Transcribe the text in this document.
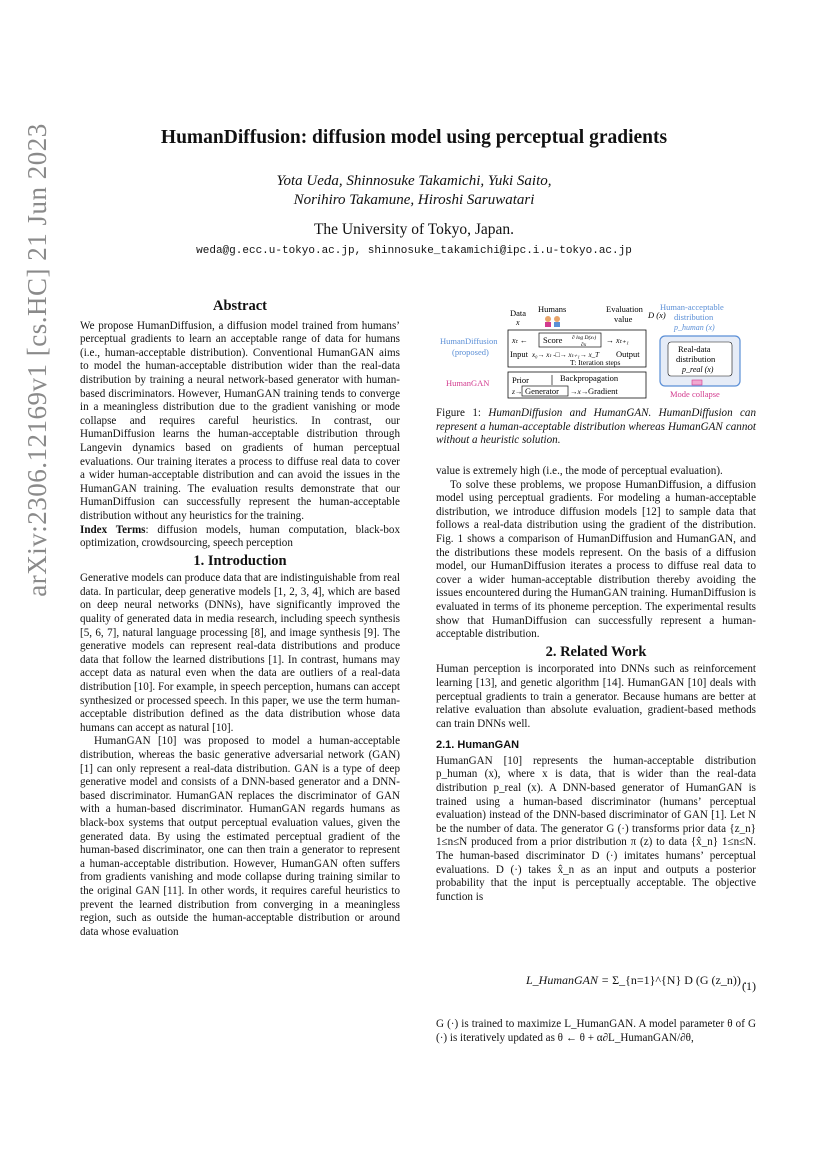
arXiv:2306.12169v1 [cs.HC] 21 Jun 2023	HumanDiffusion: diffusion model using perceptual gradients
Yota Ueda, Shinnosuke Takamichi, Yuki Saito,
Norihiro Takamune, Hiroshi Saruwatari
The University of Tokyo, Japan.
weda@g.ecc.u-tokyo.ac.jp, shinnosuke_takamichi@ipc.i.u-tokyo.ac.jp
Abstract

We propose HumanDiffusion, a diffusion model trained from humans’ perceptual gradients to learn an acceptable range of data for humans (i.e., human-acceptable distribution). Conventional HumanGAN aims to model the human-acceptable distribution wider than the real-data distribution by training a neural network-based generator with human-based discriminators. However, HumanGAN training tends to converge in a meaningless distribution due to the gradient vanishing or mode collapse and requires careful heuristics. In contrast, our HumanDiffusion learns the human-acceptable distribution through Langevin dynamics based on gradients of human perceptual evaluations. Our training iterates a process to diffuse real data to cover a wider human-acceptable distribution and can avoid the issues in the HumanGAN training. The evaluation results demonstrate that our HumanDiffusion can successfully represent the human-acceptable distribution without any heuristics for the training.

Index Terms: diffusion models, human computation, black-box optimization, crowdsourcing, speech perception

1. Introduction

Generative models can produce data that are indistinguishable from real data. In particular, deep generative models [1, 2, 3, 4], which are based on deep neural networks (DNNs), have significantly improved the quality of generated data in media research, including speech synthesis [5, 6, 7], natural language processing [8], and image synthesis [9]. The generative models can represent real-data distributions and produce data that follow the learned distributions [1]. In contrast, humans may accept data as natural even when the data are outliers of a real-data distribution [10]. For example, in speech perception, humans can accept synthesized or processed speech. In this paper, we use the term human-acceptable distribution defined as the data distribution whose data humans can accept as natural [10].

HumanGAN [10] was proposed to model a human-acceptable distribution, whereas the basic generative adversarial network (GAN) [1] can only represent a real-data distribution. GAN is a type of deep generative model and consists of a DNN-based generator and a DNN-based discriminator. HumanGAN replaces the discriminator of GAN with a human-based discriminator. HumanGAN regards humans as black-box systems that output perceptual evaluation values, given the generated data. By using the estimated perceptual gradient of the human-based discriminator, one can then train a generator to represent a human-acceptable distribution. However, HumanGAN often suffers from gradients vanishing and mode collapse during training similar to the original GAN [11]. In other words, it requires careful heuristics to prevent the learned distribution from converging in a meaningless region, such as outside the human-acceptable distribution or around data whose evaluation

HumanDiffusion
(proposed)
HumanGAN
Data
x
Humans	Evaluation
value D (x)
Score ∂ log D(xₜ)
∂x
xₜ ←	→ xₜ₊₁
Input x₀→ xₜ -□→ xₜ₊₁→ x_T Output
T: Iteration steps
Prior	Backpropagation
z→ Generator →x→ Gradient
Human-acceptable
distribution
p_human (x)
Real-data
distribution
p_real (x)
Mode collapse
Figure 1: HumanDiffusion and HumanGAN. HumanDiffusion can represent a human-acceptable distribution whereas HumanGAN cannot without a heuristic solution.

value is extremely high (i.e., the mode of perceptual evaluation).

To solve these problems, we propose HumanDiffusion, a diffusion model using perceptual gradients. For modeling a human-acceptable distribution, we introduce diffusion models [12] to sample data that follows a real-data distribution using the gradient of the distribution. Fig. 1 shows a comparison of HumanDiffusion and HumanGAN, and the distributions these models represent. On the basis of a diffusion model, our HumanDiffusion iterates a process to diffuse real data to cover a wider human-acceptable distribution thereby avoiding the issues encountered during the HumanGAN training. HumanDiffusion is evaluated in terms of its phoneme perception. The experimental results show that HumanDiffusion can successfully represent a human-acceptable distribution.

2. Related Work

Human perception is incorporated into DNNs such as reinforcement learning [13], and genetic algorithm [14]. HumanGAN [10] deals with perceptual gradients to train a generator. Because humans are better at relative evaluation than absolute evaluation, gradient-based methods can train DNNs well.

2.1. HumanGAN

HumanGAN [10] represents the human-acceptable distribution p_human (x), where x is data, that is wider than the real-data distribution p_real (x). A DNN-based generator of HumanGAN is trained using a human-based discriminator (humans’ perceptual evaluation) instead of the DNN-based discriminator of GAN [1]. Let N be the number of data. The generator G (·) transforms prior data {z_n} 1≤n≤N produced from a prior distribution π (z) to data {x̂_n} 1≤n≤N. The human-based discriminator D (·) imitates humans’ perceptual evaluations. D (·) takes x̂_n as an input and outputs a posterior probability that the input is perceptually acceptable. The objective function is

L_HumanGAN = Σ_{n=1}^{N} D (G (z_n)) .
(1)

G (·) is trained to maximize L_HumanGAN. A model parameter θ of G (·) is iteratively updated as θ ← θ + α∂L_HumanGAN/∂θ,
